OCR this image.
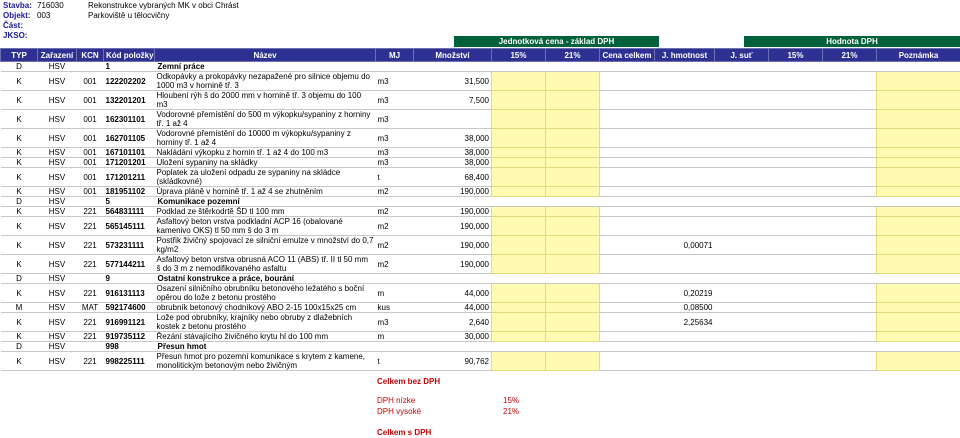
Stavba: 716030	Rekonstrukce vybraných MK v obci Chrást
Objekt: 003	Parkoviště u tělocvičny
Část:
JKSO:
Jednotková cena - základ DPH	Hodnota DPH
TYP	Zařazení	KCN	Kód položky	Název	MJ	Množství	15%	21%	Cena celkem	J. hmotnost	J. suť	15%	21%	Poznámka
D	HSV		1	Zemní práce										
K	HSV	001	122202202	Odkopávky a prokopávky nezapažené pro silnice objemu do 1000 m3 v hornině tř. 3	m3	31,500								
K	HSV	001	132201201	Hloubení rýh š do 2000 mm v hornině tř. 3 objemu do 100 m3	m3	7,500								
K	HSV	001	162301101	Vodorovné přemístění do 500 m výkopku/sypaniny z horniny tř. 1 až 4	m3									
K	HSV	001	162701105	Vodorovné přemístění do 10000 m výkopku/sypaniny z horniny tř. 1 až 4	m3	38,000								
K	HSV	001	167101101	Nakládání výkopku z hornin tř. 1 až 4 do 100 m3	m3	38,000								
K	HSV	001	171201201	Uložení sypaniny na skládky	m3	38,000								
K	HSV	001	171201211	Poplatek za uložení odpadu ze sypaniny na skládce (skládkovné)	t	68,400								
K	HSV	001	181951102	Úprava pláně v hornině tř. 1 až 4 se zhutněním	m2	190,000								
D	HSV		5	Komunikace pozemní										
K	HSV	221	564831111	Podklad ze štěrkodrtě ŠD tl 100 mm	m2	190,000								
K	HSV	221	565145111	Asfaltový beton vrstva podkladní ACP 16 (obalované kamenivo OKS) tl 50 mm š do 3 m	m2	190,000								
K	HSV	221	573231111	Postřik živičný spojovací ze silniční emulze v množství do 0,7 kg/m2	m2	190,000				0,00071				
K	HSV	221	577144211	Asfaltový beton vrstva obrusná ACO 11 (ABS) tř. II tl 50 mm š do 3 m z nemodifikovaného asfaltu	m2	190,000								
D	HSV		9	Ostatní konstrukce a práce, bourání										
K	HSV	221	916131113	Osazení silničního obrubníku betonového ležatého s boční opěrou do lože z betonu prostého	m	44,000				0,20219				
M	HSV	MAT	592174600	obrubník betonový chodníkový ABO 2-15 100x15x25 cm	kus	44,000				0,08500				
K	HSV	221	916991121	Lože pod obrubníky, krajníky nebo obruby z dlažebních kostek z betonu prostého	m3	2,640				2,25634				
K	HSV	221	919735112	Řezání stávajícího živičného krytu hl do 100 mm	m	30,000								
D	HSV		998	Přesun hmot										
K	HSV	221	998225111	Přesun hmot pro pozemní komunikace s krytem z kamene, monolitickým betonovým nebo živičným	t	90,762								
Celkem bez DPH
DPH nízke	15%
DPH vysoké	21%
Celkem s DPH
